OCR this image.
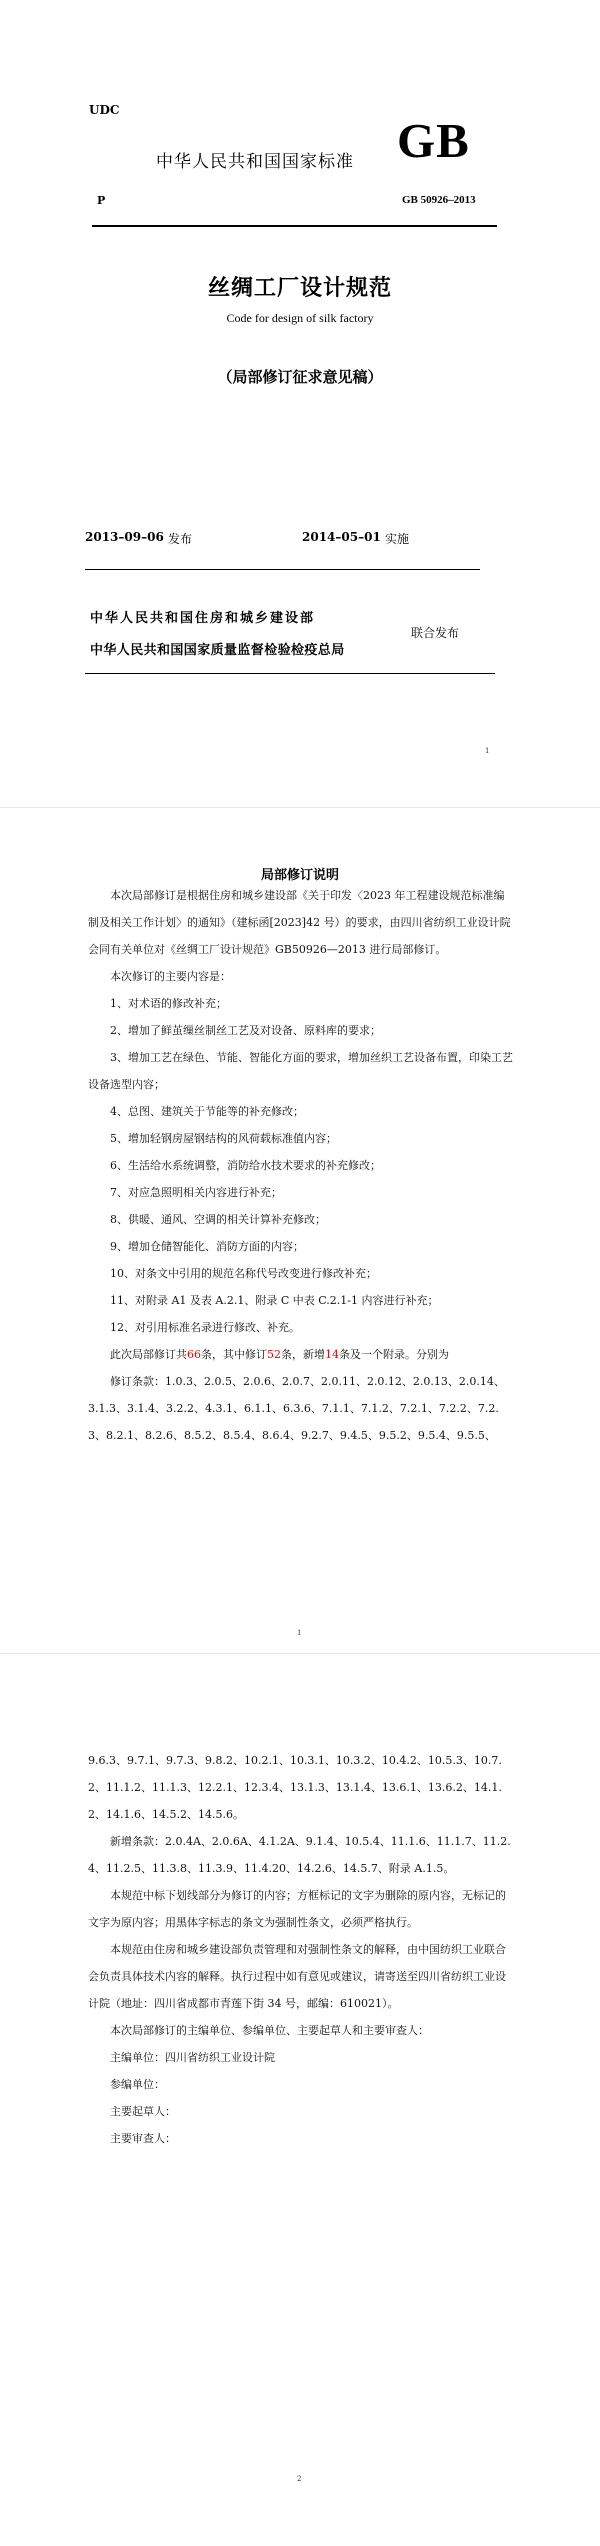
UDC
中华人民共和国国家标准 GB
P	GB 50926–2013
丝绸工厂设计规范
Code for design of silk factory
（局部修订征求意见稿）
2013–09–06 发布	2014–05–01 实施
中华人民共和国住房和城乡建设部
中华人民共和国国家质量监督检验检疫总局
联合发布
1
局部修订说明

本次局部修订是根据住房和城乡建设部《关于印发〈2023 年工程建设规范标准编制及相关工作计划〉的通知》（建标函[2023]42 号）的要求，由四川省纺织工业设计院会同有关单位对《丝绸工厂设计规范》GB50926—2013 进行局部修订。

本次修订的主要内容是：

1、对术语的修改补充；

2、增加了鲜茧缫丝制丝工艺及对设备、原料库的要求；

3、增加工艺在绿色、节能、智能化方面的要求，增加丝织工艺设备布置，印染工艺设备选型内容；

4、总图、建筑关于节能等的补充修改；

5、增加轻钢房屋钢结构的风荷载标准值内容；

6、生活给水系统调整，消防给水技术要求的补充修改；

7、对应急照明相关内容进行补充；

8、供暖、通风、空调的相关计算补充修改；

9、增加仓储智能化、消防方面的内容；

10、对条文中引用的规范名称代号改变进行修改补充；

11、对附录 A1 及表 A.2.1、附录 C 中表 C.2.1-1 内容进行补充；

12、对引用标准名录进行修改、补充。

此次局部修订共66条，其中修订52条，新增14条及一个附录。分别为

修订条款：1.0.3、2.0.5、2.0.6、2.0.7、2.0.11、2.0.12、2.0.13、2.0.14、3.1.3、3.1.4、3.2.2、4.3.1、6.1.1、6.3.6、7.1.1、7.1.2、7.2.1、7.2.2、7.2.3、8.2.1、8.2.6、8.5.2、8.5.4、8.6.4、9.2.7、9.4.5、9.5.2、9.5.4、9.5.5、

1

9.6.3、9.7.1、9.7.3、9.8.2、10.2.1、10.3.1、10.3.2、10.4.2、10.5.3、10.7.2、11.1.2、11.1.3、12.2.1、12.3.4、13.1.3、13.1.4、13.6.1、13.6.2、14.1.2、14.1.6、14.5.2、14.5.6。

新增条款：2.0.4A、2.0.6A、4.1.2A、9.1.4、10.5.4、11.1.6、11.1.7、11.2.4、11.2.5、11.3.8、11.3.9、11.4.20、14.2.6、14.5.7、附录 A.1.5。

本规范中标下划线部分为修订的内容；方框标记的文字为删除的原内容，无标记的文字为原内容；用黑体字标志的条文为强制性条文，必须严格执行。

本规范由住房和城乡建设部负责管理和对强制性条文的解释，由中国纺织工业联合会负责具体技术内容的解释。执行过程中如有意见或建议，请寄送至四川省纺织工业设计院（地址：四川省成都市青莲下街 34 号，邮编：610021）。

本次局部修订的主编单位、参编单位、主要起草人和主要审查人：

主编单位：四川省纺织工业设计院

参编单位：

主要起草人：

主要审查人：

2
